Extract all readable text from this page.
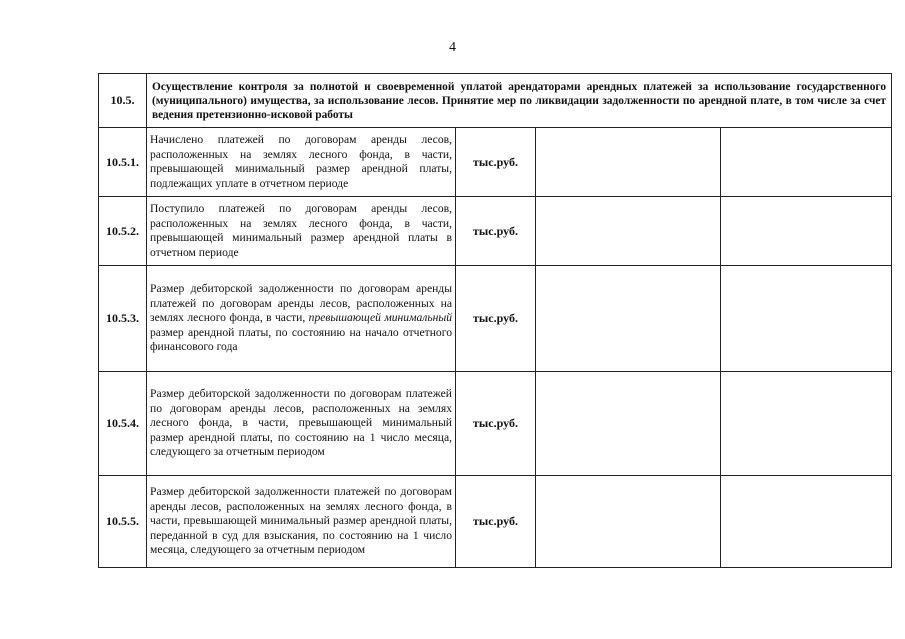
4
10.5.	Осуществление контроля за полнотой и своевременной уплатой арендаторами арендных платежей за использование государственного (муниципального) имущества, за использование лесов. Принятие мер по ликвидации задолженности по арендной плате, в том числе за счет ведения претензионно-исковой работы			
10.5.1.	Начислено платежей по договорам аренды лесов, расположенных на землях лесного фонда, в части, превышающей минимальный размер арендной платы, подлежащих уплате в отчетном периоде	тыс.руб.		
10.5.2.	Поступило платежей по договорам аренды лесов, расположенных на землях лесного фонда, в части, превышающей минимальный размер арендной платы в отчетном периоде	тыс.руб.		
10.5.3.	Размер дебиторской задолженности по договорам аренды платежей по договорам аренды лесов, расположенных на землях лесного фонда, в части, превышающей минимальный размер арендной платы, по состоянию на начало отчетного финансового года	тыс.руб.		
10.5.4.	Размер дебиторской задолженности по договорам платежей по договорам аренды лесов, расположенных на землях лесного фонда, в части, превышающей минимальный размер арендной платы, по состоянию на 1 число месяца, следующего за отчетным периодом	тыс.руб.		
10.5.5.	Размер дебиторской задолженности платежей по договорам аренды лесов, расположенных на землях лесного фонда, в части, превышающей минимальный размер арендной платы, переданной в суд для взыскания, по состоянию на 1 число месяца, следующего за отчетным периодом	тыс.руб.		
